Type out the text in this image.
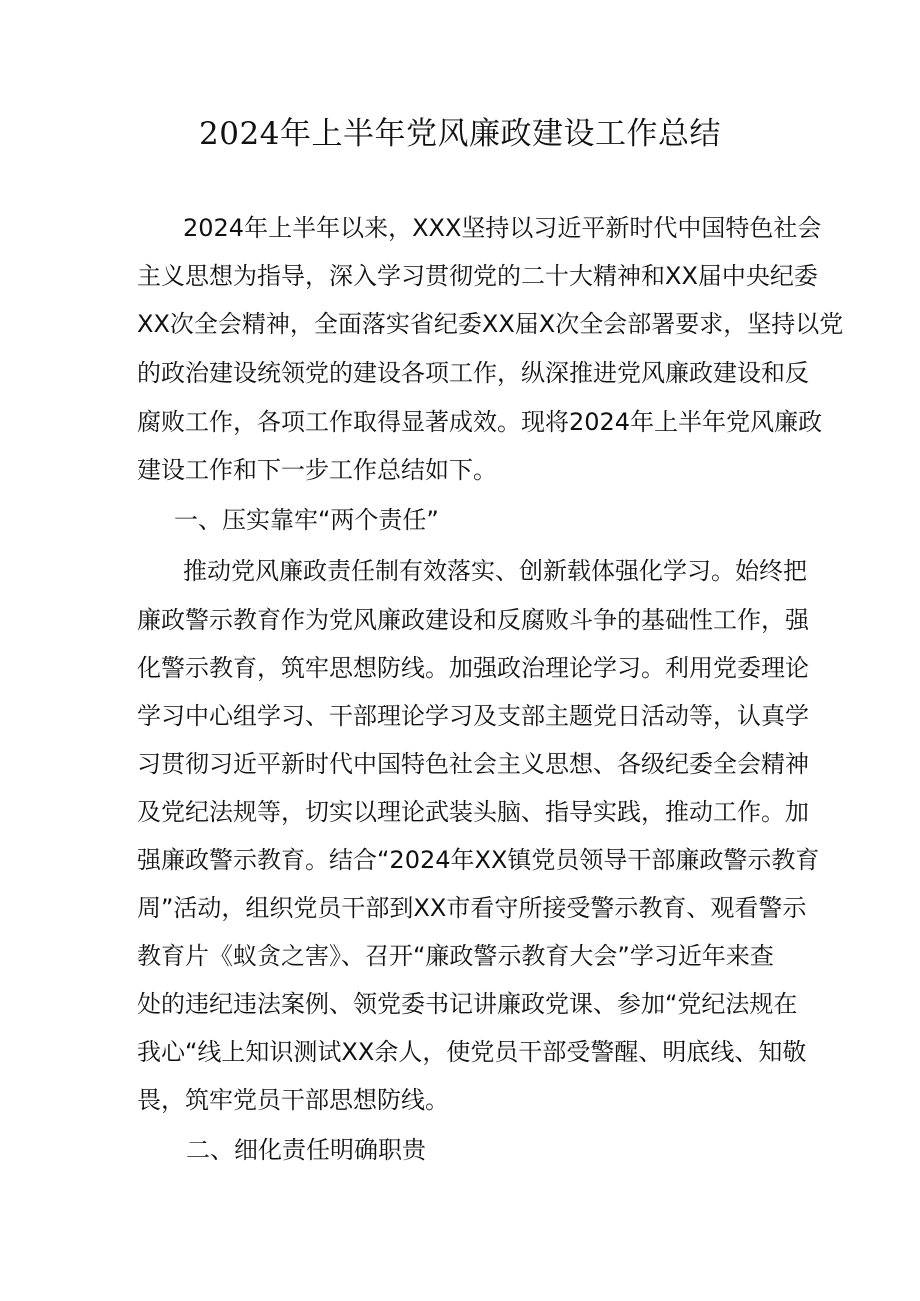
2024年上半年党风廉政建设工作总结

2024年上半年以来，XXX坚持以习近平新时代中国特色社会

主义思想为指导，深入学习贯彻党的二十大精神和XX届中央纪委

XX次全会精神，全面落实省纪委XX届X次全会部署要求，坚持以党

的政治建设统领党的建设各项工作，纵深推进党风廉政建设和反

腐败工作，各项工作取得显著成效。现将2024年上半年党风廉政

建设工作和下一步工作总结如下。

一、压实靠牢“两个责任”

推动党风廉政责任制有效落实、创新载体强化学习。始终把

廉政警示教育作为党风廉政建设和反腐败斗争的基础性工作，强

化警示教育，筑牢思想防线。加强政治理论学习。利用党委理论

学习中心组学习、干部理论学习及支部主题党日活动等，认真学

习贯彻习近平新时代中国特色社会主义思想、各级纪委全会精神

及党纪法规等，切实以理论武装头脑、指导实践，推动工作。加

强廉政警示教育。结合“2024年XX镇党员领导干部廉政警示教育

周”活动，组织党员干部到XX市看守所接受警示教育、观看警示

教育片《蚁贪之害》、召开“廉政警示教育大会”学习近年来查

处的违纪违法案例、领党委书记讲廉政党课、参加“党纪法规在

我心“线上知识测试XX余人，使党员干部受警醒、明底线、知敬

畏，筑牢党员干部思想防线。

二、细化责任明确职贵
